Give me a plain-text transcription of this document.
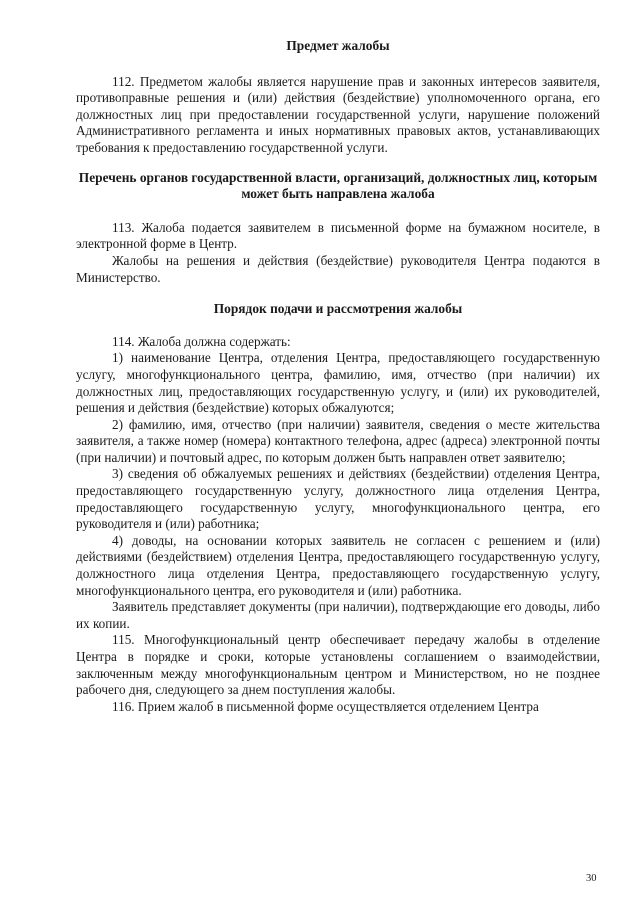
Предмет жалобы

112. Предметом жалобы является нарушение прав и законных интересов заявителя, противоправные решения и (или) действия (бездействие) уполномоченного органа, его должностных лиц при предоставлении государственной услуги, нарушение положений Административного регламента и иных нормативных правовых актов, устанавливающих требования к предоставлению государственной услуги.

Перечень органов государственной власти, организаций, должностных лиц, которым может быть направлена жалоба

113. Жалоба подается заявителем в письменной форме на бумажном носителе, в электронной форме в Центр.

Жалобы на решения и действия (бездействие) руководителя Центра подаются в Министерство.

Порядок подачи и рассмотрения жалобы

114. Жалоба должна содержать:

1) наименование Центра, отделения Центра, предоставляющего государственную услугу, многофункционального центра, фамилию, имя, отчество (при наличии) их должностных лиц, предоставляющих государственную услугу, и (или) их руководителей, решения и действия (бездействие) которых обжалуются;

2) фамилию, имя, отчество (при наличии) заявителя, сведения о месте жительства заявителя, а также номер (номера) контактного телефона, адрес (адреса) электронной почты (при наличии) и почтовый адрес, по которым должен быть направлен ответ заявителю;

3) сведения об обжалуемых решениях и действиях (бездействии) отделения Центра, предоставляющего государственную услугу, должностного лица отделения Центра, предоставляющего государственную услугу, многофункционального центра, его руководителя и (или) работника;

4) доводы, на основании которых заявитель не согласен с решением и (или) действиями (бездействием) отделения Центра, предоставляющего государственную услугу, должностного лица отделения Центра, предоставляющего государственную услугу, многофункционального центра, его руководителя и (или) работника.

Заявитель представляет документы (при наличии), подтверждающие его доводы, либо их копии.

115. Многофункциональный центр обеспечивает передачу жалобы в отделение Центра в порядке и сроки, которые установлены соглашением о взаимодействии, заключенным между многофункциональным центром и Министерством, но не позднее рабочего дня, следующего за днем поступления жалобы.

116. Прием жалоб в письменной форме осуществляется отделением Центра

30
